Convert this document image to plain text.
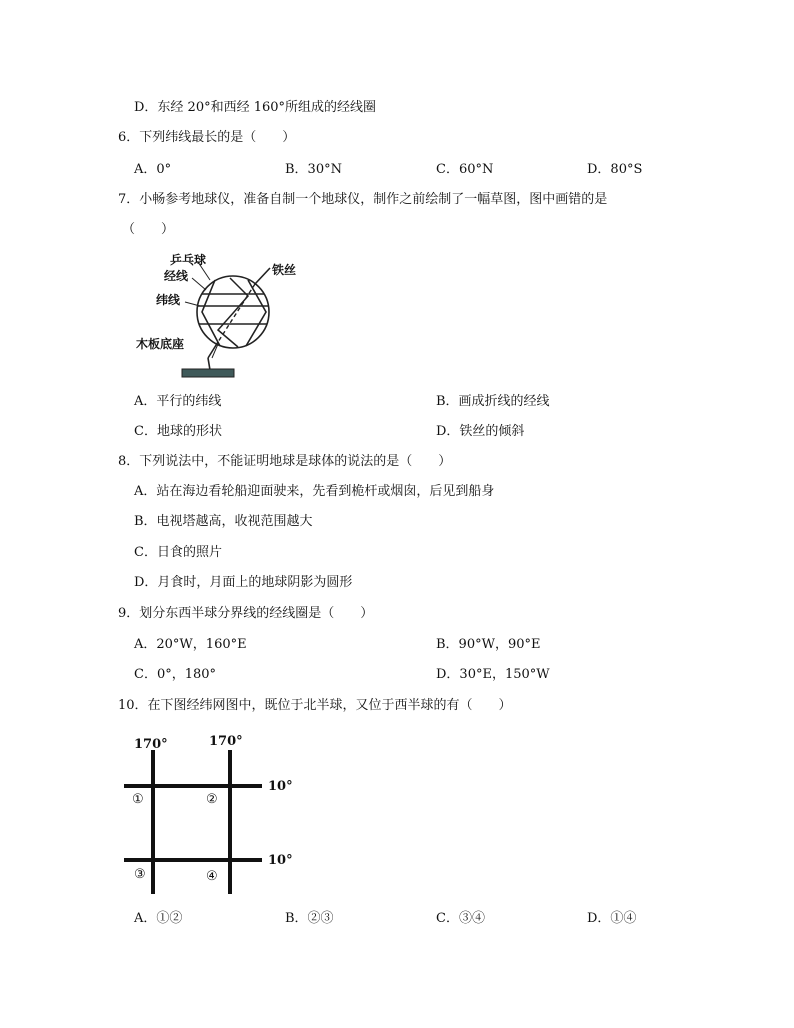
D．东经 20°和西经 160°所组成的经线圈
6．下列纬线最长的是（　　）
A．0°	B．30°N	C．60°N	D．80°S
7．小畅参考地球仪，准备自制一个地球仪，制作之前绘制了一幅草图，图中画错的是
（　　）
乒乓球
经线	铁丝
纬线
木板底座
A．平行的纬线	B．画成折线的经线
C．地球的形状	D．铁丝的倾斜
8．下列说法中，不能证明地球是球体的说法的是（　　）
A．站在海边看轮船迎面驶来，先看到桅杆或烟囱，后见到船身
B．电视塔越高，收视范围越大
C．日食的照片
D．月食时，月面上的地球阴影为圆形
9．划分东西半球分界线的经线圈是（　　）
A．20°W，160°E	B．90°W，90°E
C．0°，180°	D．30°E，150°W
10．在下图经纬网图中，既位于北半球，又位于西半球的有（　　）
170°	170°
10°
10°
①	②
③	④
A．①②	B．②③	C．③④	D．①④
